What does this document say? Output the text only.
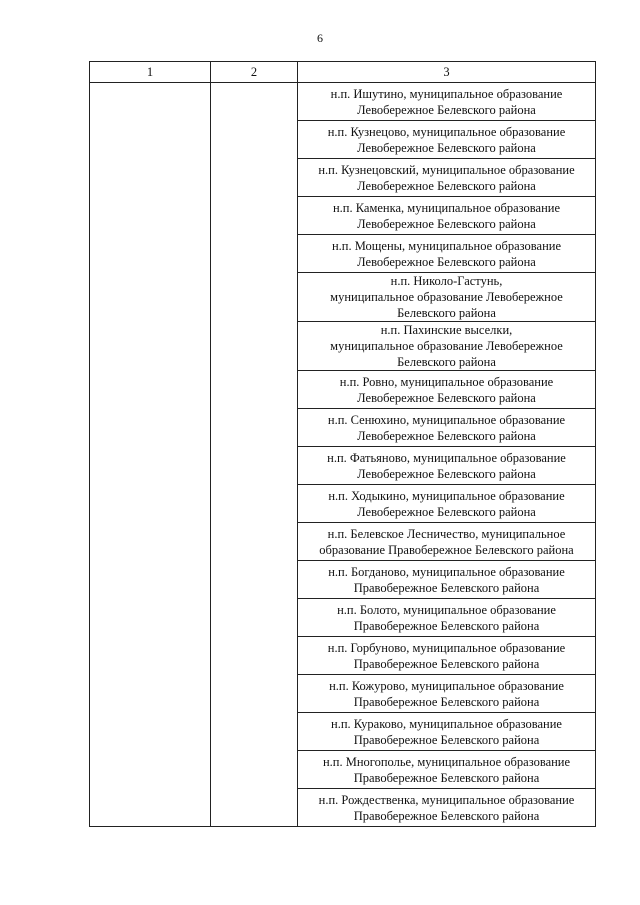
6
1	2	3

		н.п. Ишутино, муниципальное образование
Левобережное Белевского района

		н.п. Кузнецово, муниципальное образование
Левобережное Белевского района

		н.п. Кузнецовский, муниципальное образование
Левобережное Белевского района

		н.п. Каменка, муниципальное образование
Левобережное Белевского района

		н.п. Мощены, муниципальное образование
Левобережное Белевского района

		н.п. Николо-Гастунь,
муниципальное образование Левобережное
Белевского района

		н.п. Пахинские выселки,
муниципальное образование Левобережное
Белевского района

		н.п. Ровно, муниципальное образование
Левобережное Белевского района

		н.п. Сенюхино, муниципальное образование
Левобережное Белевского района

		н.п. Фатьяново, муниципальное образование
Левобережное Белевского района

		н.п. Ходыкино, муниципальное образование
Левобережное Белевского района

		н.п. Белевское Лесничество, муниципальное
образование Правобережное Белевского района

		н.п. Богданово, муниципальное образование
Правобережное Белевского района

		н.п. Болото, муниципальное образование
Правобережное Белевского района

		н.п. Горбуново, муниципальное образование
Правобережное Белевского района

		н.п. Кожурово, муниципальное образование
Правобережное Белевского района

		н.п. Кураково, муниципальное образование
Правобережное Белевского района

		н.п. Многополье, муниципальное образование
Правобережное Белевского района

		н.п. Рождественка, муниципальное образование
Правобережное Белевского района
